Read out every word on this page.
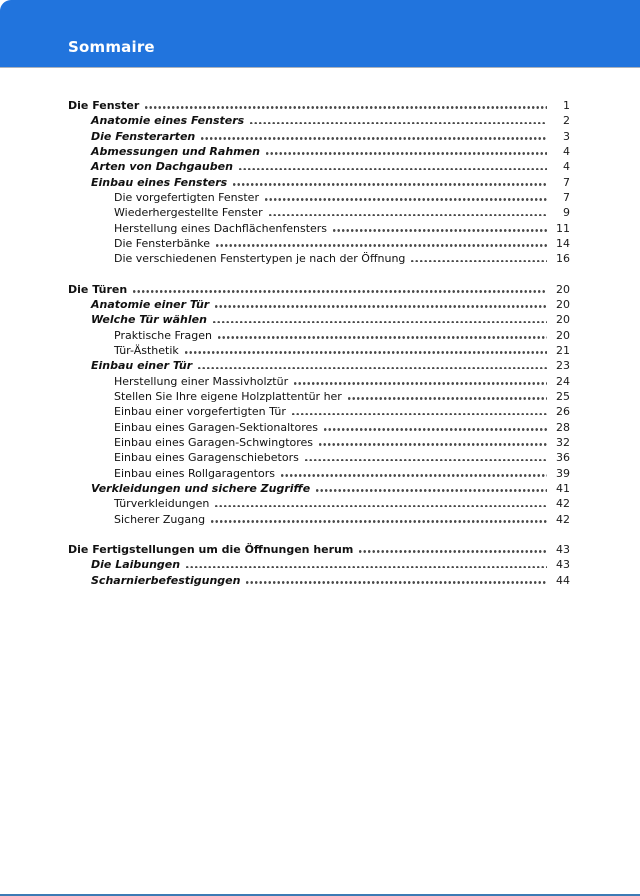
Sommaire
Die Fenster	1
Anatomie eines Fensters	2
Die Fensterarten	3
Abmessungen und Rahmen	4
Arten von Dachgauben	4
Einbau eines Fensters	7
Die vorgefertigten Fenster	7
Wiederhergestellte Fenster	9
Herstellung eines Dachflächenfensters	11
Die Fensterbänke	14
Die verschiedenen Fenstertypen je nach der Öffnung	16
Die Türen	20
Anatomie einer Tür	20
Welche Tür wählen	20
Praktische Fragen	20
Tür-Ästhetik	21
Einbau einer Tür	23
Herstellung einer Massivholztür	24
Stellen Sie Ihre eigene Holzplattentür her	25
Einbau einer vorgefertigten Tür	26
Einbau eines Garagen-Sektionaltores	28
Einbau eines Garagen-Schwingtores	32
Einbau eines Garagenschiebetors	36
Einbau eines Rollgaragentors	39
Verkleidungen und sichere Zugriffe	41
Türverkleidungen	42
Sicherer Zugang	42
Die Fertigstellungen um die Öffnungen herum	43
Die Laibungen	43
Scharnierbefestigungen	44
